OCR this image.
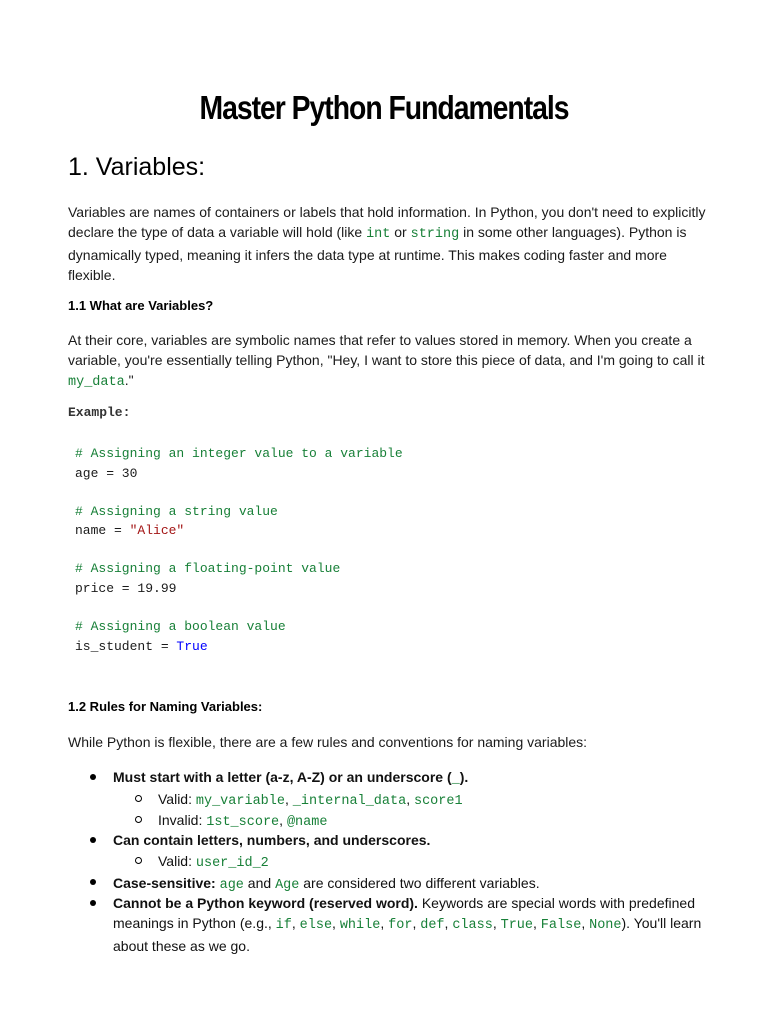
Master Python Fundamentals
1. Variables:
Variables are names of containers or labels that hold information. In Python, you don't need to explicitly declare the type of data a variable will hold (like int or string in some other languages). Python is dynamically typed, meaning it infers the data type at runtime. This makes coding faster and more flexible.
1.1 What are Variables?
At their core, variables are symbolic names that refer to values stored in memory. When you create a variable, you're essentially telling Python, "Hey, I want to store this piece of data, and I'm going to call it my_data."
Example:
# Assigning an integer value to a variable
age = 30
# Assigning a string value
name = "Alice"
# Assigning a floating-point value
price = 19.99
# Assigning a boolean value
is_student = True
1.2 Rules for Naming Variables:
While Python is flexible, there are a few rules and conventions for naming variables:
Must start with a letter (a-z, A-Z) or an underscore (_).
Valid: my_variable, _internal_data, score1
Invalid: 1st_score, @name
Can contain letters, numbers, and underscores.
Valid: user_id_2
Case-sensitive: age and Age are considered two different variables.
Cannot be a Python keyword (reserved word). Keywords are special words with predefined meanings in Python (e.g., if, else, while, for, def, class, True, False, None). You'll learn about these as we go.
